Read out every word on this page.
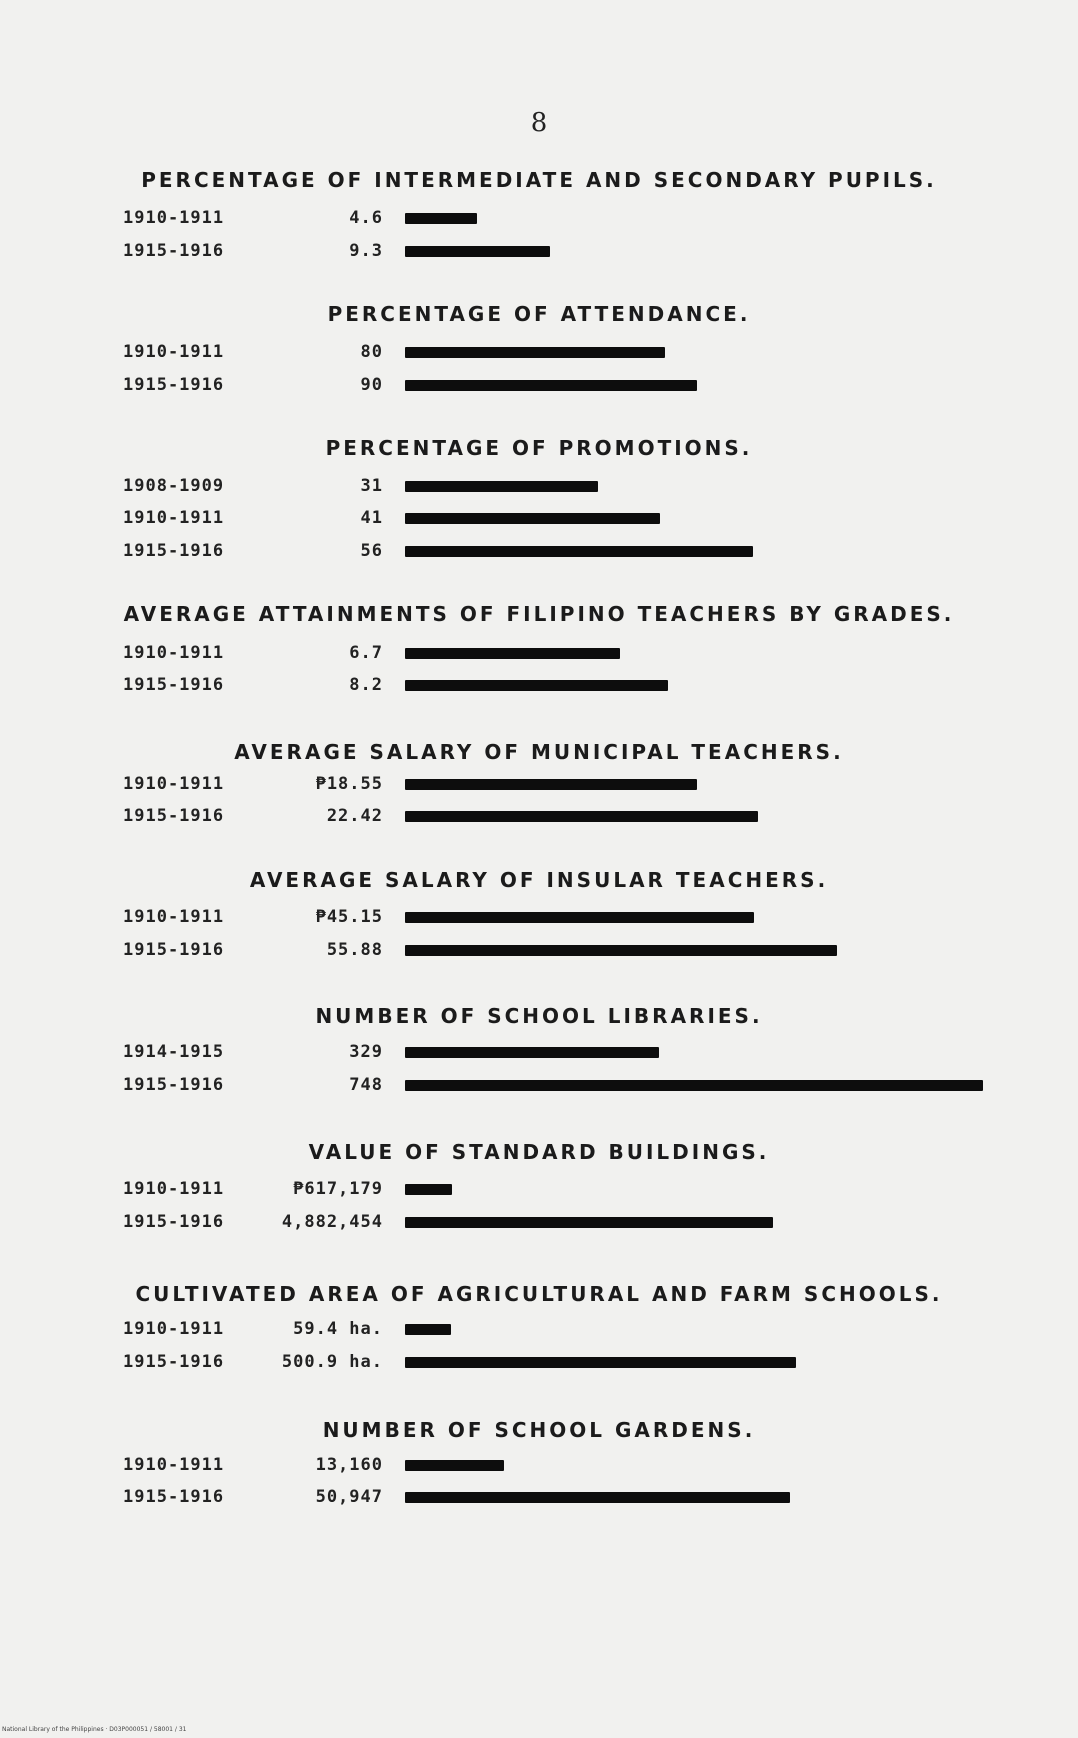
8
PERCENTAGE OF INTERMEDIATE AND SECONDARY PUPILS.
1910-1911	4.6
1915-1916	9.3
PERCENTAGE OF ATTENDANCE.
1910-1911	80
1915-1916	90
PERCENTAGE OF PROMOTIONS.
1908-1909	31
1910-1911	41
1915-1916	56
AVERAGE ATTAINMENTS OF FILIPINO TEACHERS BY GRADES.
1910-1911	6.7
1915-1916	8.2
AVERAGE SALARY OF MUNICIPAL TEACHERS.
1910-1911	₱18.55
1915-1916	22.42
AVERAGE SALARY OF INSULAR TEACHERS.
1910-1911	₱45.15
1915-1916	55.88
NUMBER OF SCHOOL LIBRARIES.
1914-1915	329
1915-1916	748
VALUE OF STANDARD BUILDINGS.
1910-1911	₱617,179
1915-1916	4,882,454
CULTIVATED AREA OF AGRICULTURAL AND FARM SCHOOLS.
1910-1911	59.4 ha.
1915-1916	500.9 ha.
NUMBER OF SCHOOL GARDENS.
1910-1911	13,160
1915-1916	50,947
National Library of the Philippines · D03P000051 / 58001 / 31
